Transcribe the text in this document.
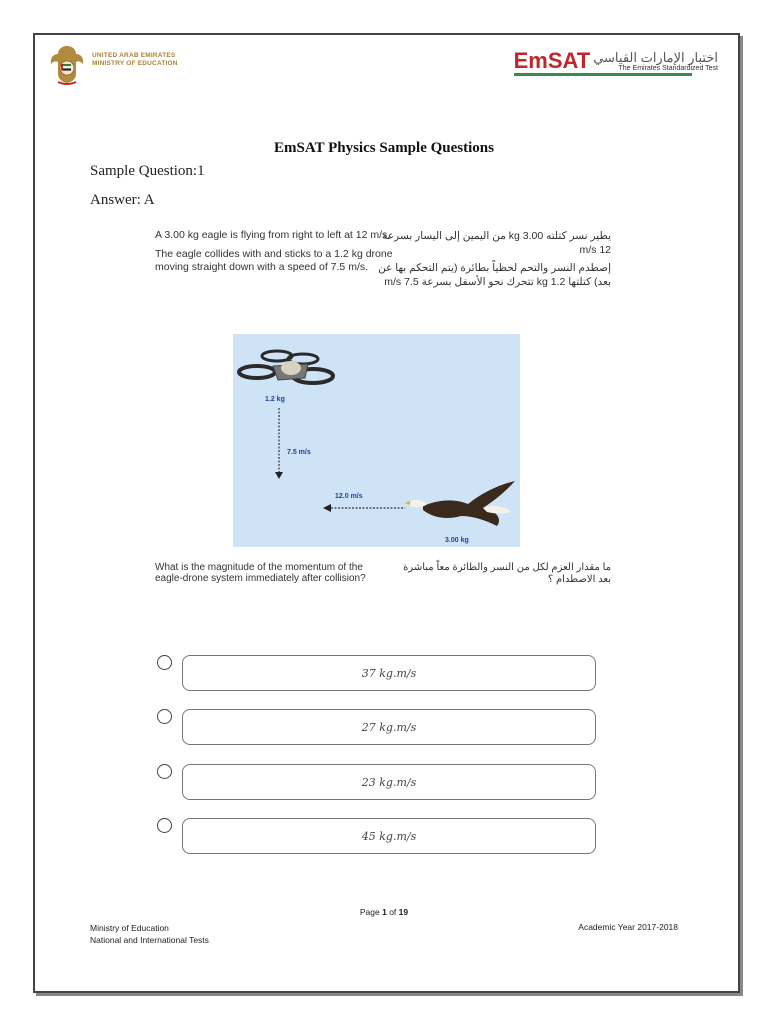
UNITED ARAB EMIRATES
MINISTRY OF EDUCATION	EmSAT اختبار الإمارات القياسي
The Emirates Standardized Test
EmSAT Physics Sample Questions
Sample Question:1
Answer: A

A 3.00 kg eagle is flying from right to left at 12 m/s.

The eagle collides with and sticks to a 1.2 kg drone moving straight down with a speed of 7.5 m/s.

يطير نسر كتلته 3.00 kg من اليمين إلى اليسار بسرعة 12 m/s

إصطدم النسر والتحم لحظياً بطائرة (يتم التحكم بها عن بعد) كتلتها 1.2 kg تتحرك نحو الأسفل بسرعة 7.5 m/s

1.2 kg
7.5 m/s
12.0 m/s
3.00 kg
What is the magnitude of the momentum of the eagle-drone system immediately after collision?
ما مقدار العزم لكل من النسر والطائرة معاً مباشرة بعد الاصطدام ؟
37 kg.m/s
27 kg.m/s
23 kg.m/s
45 kg.m/s
Page 1 of 19
Ministry of Education
National and International Tests
Academic Year 2017-2018
